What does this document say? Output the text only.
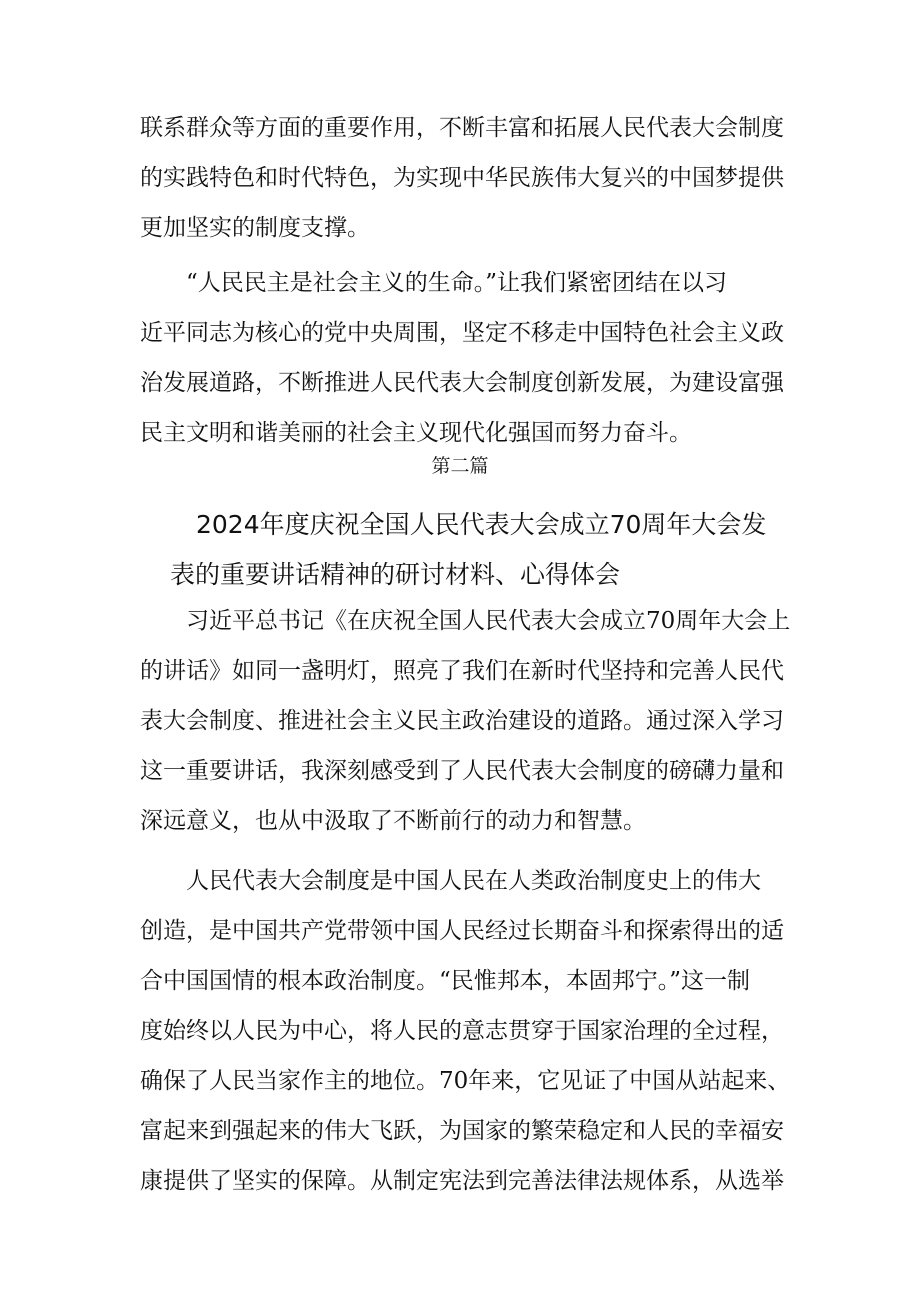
联系群众等方面的重要作用，不断丰富和拓展人民代表大会制度
的实践特色和时代特色，为实现中华民族伟大复兴的中国梦提供
更加坚实的制度支撑。
“人民民主是社会主义的生命。”让我们紧密团结在以习
近平同志为核心的党中央周围，坚定不移走中国特色社会主义政
治发展道路，不断推进人民代表大会制度创新发展，为建设富强
民主文明和谐美丽的社会主义现代化强国而努力奋斗。
第二篇
2024年度庆祝全国人民代表大会成立70周年大会发
表的重要讲话精神的研讨材料、心得体会
习近平总书记《在庆祝全国人民代表大会成立70周年大会上
的讲话》如同一盏明灯，照亮了我们在新时代坚持和完善人民代
表大会制度、推进社会主义民主政治建设的道路。通过深入学习
这一重要讲话，我深刻感受到了人民代表大会制度的磅礴力量和
深远意义，也从中汲取了不断前行的动力和智慧。
人民代表大会制度是中国人民在人类政治制度史上的伟大
创造，是中国共产党带领中国人民经过长期奋斗和探索得出的适
合中国国情的根本政治制度。“民惟邦本，本固邦宁。”这一制
度始终以人民为中心，将人民的意志贯穿于国家治理的全过程，
确保了人民当家作主的地位。70年来，它见证了中国从站起来、
富起来到强起来的伟大飞跃，为国家的繁荣稳定和人民的幸福安
康提供了坚实的保障。从制定宪法到完善法律法规体系，从选举
